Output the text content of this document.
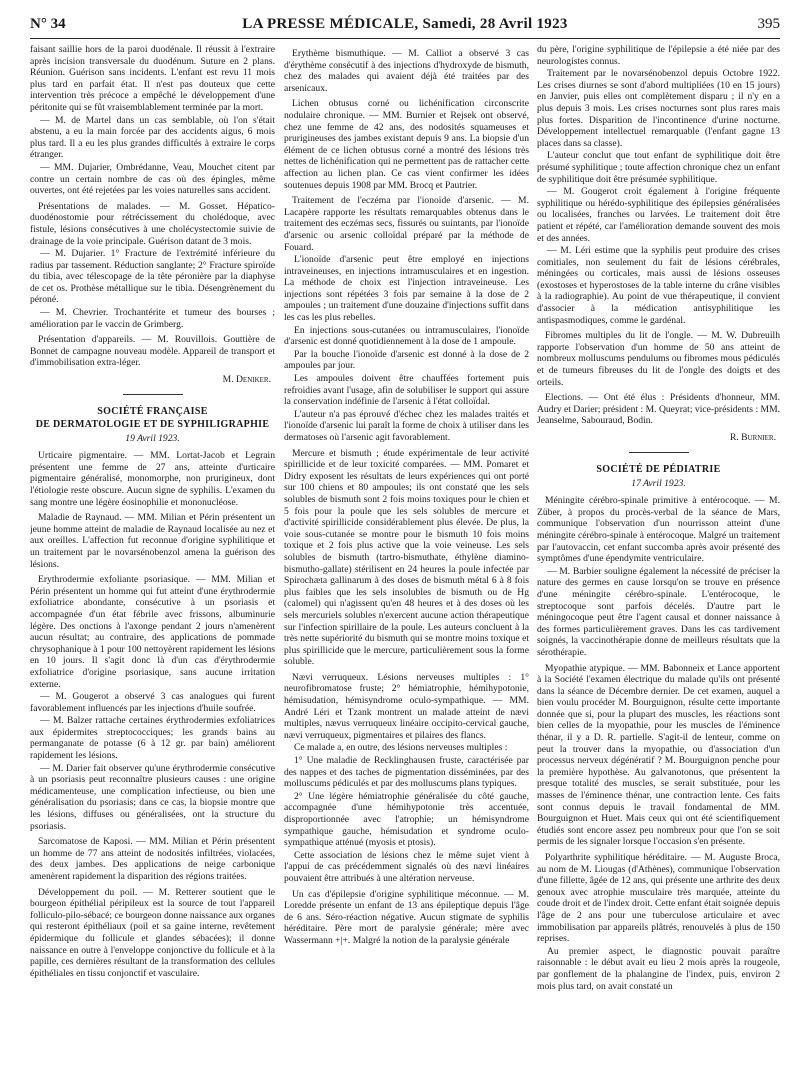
N° 34	LA PRESSE MÉDICALE, Samedi, 28 Avril 1923	395

faisant saillie hors de la paroi duodénale. Il réussit à l'extraire après incision transversale du duodénum. Suture en 2 plans. Réunion. Guérison sans incidents. L'enfant est revu 11 mois plus tard en parfait état. Il n'est pas douteux que cette intervention très précoce a empêché le développement d'une péritonite qui se fût vraisemblablement terminée par la mort.

— M. de Martel dans un cas semblable, où l'on s'était abstenu, a eu la main forcée par des accidents aigus, 6 mois plus tard. Il a eu les plus grandes difficultés à extraire le corps étranger.

— MM. Dujarier, Ombrédanne, Veau, Mouchet citent par contre un certain nombre de cas où des épingles, même ouvertes, ont été rejetées par les voies naturelles sans accident.

Présentations de malades. — M. Gosset. Hépatico-duodénostomie pour rétrécissement du cholédoque, avec fistule, lésions consécutives à une cholécystectomie suivie de drainage de la voie principale. Guérison datant de 3 mois.

— M. Dujarier. 1° Fracture de l'extrémité inférieure du radius par tassement. Réduction sanglante; 2° Fracture spiroïde du tibia, avec télescopage de la tête péronière par la diaphyse de cet os. Prothèse métallique sur le tibia. Désengrènement du péroné.

— M. Chevrier. Trochantérite et tumeur des bourses ; amélioration par le vaccin de Grimberg.

Présentation d'appareils. — M. Rouvillois. Gouttière de Bonnet de campagne nouveau modèle. Appareil de transport et d'immobilisation extra-léger.

M. Deniker.

SOCIÉTÉ FRANÇAISE
DE DERMATOLOGIE ET DE SYPHILIGRAPHIE

19 Avril 1923.

Urticaire pigmentaire. — MM. Lortat-Jacob et Legrain présentent une femme de 27 ans, atteinte d'urticaire pigmentaire généralisé, monomorphe, non prurigineux, dont l'étiologie reste obscure. Aucun signe de syphilis. L'examen du sang montre une légère éosinophilie et mononucléose.

Maladie de Raynaud. — MM. Milian et Périn présentent un jeune homme atteint de maladie de Raynaud localisée au nez et aux oreilles. L'affection fut reconnue d'origine syphilitique et un traitement par le novarsénobenzol amena la guérison des lésions.

Erythrodermie exfoliante psoriasique. — MM. Milian et Périn présentent un homme qui fut atteint d'une érythrodermie exfoliatrice abondante, consécutive à un psoriasis et accompagnée d'un état fébrile avec frissons, albuminurie légère. Des onctions à l'axonge pendant 2 jours n'amenèrent aucun résultat; au contraire, des applications de pommade chrysophanique à 1 pour 100 nettoyèrent rapidement les lésions en 10 jours. Il s'agit donc là d'un cas d'érythrodermie exfoliatrice d'origine psoriasique, sans aucune irritation externe.

— M. Gougerot a observé 3 cas analogues qui furent favorablement influencés par les injections d'huile soufrée.

— M. Balzer rattache certaines érythrodermies exfoliatrices aux épidermites streptococciques; les grands bains au permanganate de potasse (6 à 12 gr. par bain) améliorent rapidement les lésions.

— M. Darier fait observer qu'une érythrodermie consécutive à un psoriasis peut reconnaître plusieurs causes : une origine médicamenteuse, une complication infectieuse, ou bien une généralisation du psoriasis; dans ce cas, la biopsie montre que les lésions, diffuses ou généralisées, ont la structure du psoriasis.

Sarcomatose de Kaposi. — MM. Milian et Périn présentent un homme de 77 ans atteint de nodosités infiltrées, violacées, des deux jambes. Des applications de neige carbonique amenèrent rapidement la disparition des régions traitées.

Développement du poil. — M. Retterer soutient que le bourgeon épithélial péripileux est la source de tout l'appareil folliculo-pilo-sébacé; ce bourgeon donne naissance aux organes qui resteront épithéliaux (poil et sa gaine interne, revêtement épidermique du follicule et glandes sébacées); il donne naissance en outre à l'enveloppe conjonctive du follicule et à la papille, ces dernières résultant de la transformation des cellules épithéliales en tissu conjonctif et vasculaire.

Erythème bismuthique. — M. Calliot a observé 3 cas d'érythème consécutif à des injections d'hydroxyde de bismuth, chez des malades qui avaient déjà été traitées par des arsenicaux.

Lichen obtusus corné ou lichénification circonscrite nodulaire chronique. — MM. Burnier et Rejsek ont observé, chez une femme de 42 ans, des nodosités squameuses et prurigineuses des jambes existant depuis 9 ans. La biopsie d'un élément de ce lichen obtusus corné a montré des lésions très nettes de lichénification qui ne permettent pas de rattacher cette affection au lichen plan. Ce cas vient confirmer les idées soutenues depuis 1908 par MM. Brocq et Pautrier.

Traitement de l'eczéma par l'ionoïde d'arsenic. — M. Lacapère rapporte les résultats remarquables obtenus dans le traitement des eczémas secs, fissurés ou suintants, par l'ionoïde d'arsenic ou arsenic colloïdal préparé par la méthode de Fouard.

L'ionoïde d'arsenic peut être employé en injections intraveineuses, en injections intramusculaires et en ingestion. La méthode de choix est l'injection intraveineuse. Les injections sont répétées 3 fois par semaine à la dose de 2 ampoules ; un traitement d'une douzaine d'injections suffit dans les cas les plus rebelles.

En injections sous-cutanées ou intramusculaires, l'ionoïde d'arsenic est donné quotidiennement à la dose de 1 ampoule.

Par la bouche l'ionoïde d'arsenic est donné à la dose de 2 ampoules par jour.

Les ampoules doivent être chauffées fortement puis refroidies avant l'usage, afin de solubiliser le support qui assure la conservation indéfinie de l'arsenic à l'état colloïdal.

L'auteur n'a pas éprouvé d'échec chez les malades traités et l'ionoïde d'arsenic lui paraît la forme de choix à utiliser dans les dermatoses où l'arsenic agit favorablement.

Mercure et bismuth ; étude expérimentale de leur activité spirillicide et de leur toxicité comparées. — MM. Pomaret et Didry exposent les résultats de leurs expériences qui ont porté sur 100 chiens et 80 ampoules; ils ont constaté que les sels solubles de bismuth sont 2 fois moins toxiques pour le chien et 5 fois pour la poule que les sels solubles de mercure et d'activité spirillicide considérablement plus élevée. De plus, la voie sous-cutanée se montre pour le bismuth 10 fois moins toxique et 2 fois plus active que la voie veineuse. Les sels solubles de bismuth (tartro-bismuthate, éthylène diamino-bismutho-gallate) stérilisent en 24 heures la poule infectée par Spirochæta gallinarum à des doses de bismuth métal 6 à 8 fois plus faibles que les sels insolubles de bismuth ou de Hg (calomel) qui n'agissent qu'en 48 heures et à des doses où les sels mercuriels solubles n'exercent aucune action thérapeutique sur l'infection spirillaire de la poule. Les auteurs concluent à la très nette supériorité du bismuth qui se montre moins toxique et plus spirillicide que le mercure, particulièrement sous la forme soluble.

Nævi verruqueux. Lésions nerveuses multiples : 1° neurofibromatose fruste; 2° hémiatrophie, hémihypotonie, hémisudation, hémisyndrome oculo-sympathique. — MM. André Léri et Tzank montrent un malade atteint de nævi multiples, nævus verruqueux linéaire occipito-cervical gauche, nævi verruqueux, pigmentaires et pilaires des flancs.

Ce malade a, en outre, des lésions nerveuses multiples :

1° Une maladie de Recklinghausen fruste, caractérisée par des nappes et des taches de pigmentation disséminées, par des molluscums pédiculés et par des molluscums plans typiques.

2° Une légère hémiatrophie généralisée du côté gauche, accompagnée d'une hémihypotonie très accentuée, disproportionnée avec l'atrophie; un hémisyndrome sympathique gauche, hémisudation et syndrome oculo-sympathique atténué (myosis et ptosis).

Cette association de lésions chez le même sujet vient à l'appui de cas précédemment signalés où des nævi linéaires pouvaient être attribués à une altération nerveuse.

Un cas d'épilepsie d'origine syphilitique méconnue. — M. Loredde présente un enfant de 13 ans épileptique depuis l'âge de 6 ans. Séro-réaction négative. Aucun stigmate de syphilis héréditaire. Père mort de paralysie générale; mère avec Wassermann +|+. Malgré la notion de la paralysie générale

du père, l'origine syphilitique de l'épilepsie a été niée par des neurologistes connus.

Traitement par le novarsénobenzol depuis Octobre 1922. Les crises diurnes se sont d'abord multipliées (10 en 15 jours) en Janvier, puis elles ont complètement disparu ; il n'y en a plus depuis 3 mois. Les crises nocturnes sont plus rares mais plus fortes. Disparition de l'incontinence d'urine nocturne. Développement intellectuel remarquable (l'enfant gagne 13 places dans sa classe).

L'auteur conclut que tout enfant de syphilitique doit être présumé syphilitique ; toute affection chronique chez un enfant de syphilitique doit être présumée syphilitique.

— M. Gougerot croit également à l'origine fréquente syphilitique ou hérédo-syphilitique des épilepsies généralisées ou localisées, franches ou larvées. Le traitement doit être patient et répété, car l'amélioration demande souvent des mois et des années.

— M. Léri estime que la syphilis peut produire des crises comitiales, non seulement du fait de lésions cérébrales, méningées ou corticales, mais aussi de lésions osseuses (exostoses et hyperostoses de la table interne du crâne visibles à la radiographie). Au point de vue thérapeutique, il convient d'associer à la médication antisyphilitique les antispasmodiques, comme le gardénal.

Fibromes multiples du lit de l'ongle. — M. W. Dubreuilh rapporte l'observation d'un homme de 50 ans atteint de nombreux molluscums pendulums ou fibromes mous pédiculés et de tumeurs fibreuses du lit de l'ongle des doigts et des orteils.

Elections. — Ont été élus : Présidents d'honneur, MM. Audry et Darier; président : M. Queyrat; vice-présidents : MM. Jeanselme, Sabouraud, Bodin.

R. Burnier.

SOCIÉTÉ DE PÉDIATRIE

17 Avril 1923.

Méningite cérébro-spinale primitive à entérocoque. — M. Züber, à propos du procès-verbal de la séance de Mars, communique l'observation d'un nourrisson atteint d'une méningite cérébro-spinale à entérocoque. Malgré un traitement par l'autovaccin, cet enfant succomba après avoir présenté des symptômes d'une épendymite ventriculaire.

— M. Barbier souligne également la nécessité de préciser la nature des germes en cause lorsqu'on se trouve en présence d'une méningite cérébro-spinale. L'entérocoque, le streptocoque sont parfois décelés. D'autre part le méningocoque peut être l'agent causal et donner naissance à des formes particulièrement graves. Dans les cas tardivement soignés, la vaccinothérapie donne de meilleurs résultats que la sérothérapie.

Myopathie atypique. — MM. Babonneix et Lance apportent à la Société l'examen électrique du malade qu'ils ont présenté dans la séance de Décembre dernier. De cet examen, auquel a bien voulu procéder M. Bourguignon, résulte cette importante donnée que si, pour la plupart des muscles, les réactions sont bien celles de la myopathie, pour les muscles de l'éminence thénar, il y a D. R. partielle. S'agit-il de lenteur, comme on peut la trouver dans la myopathie, ou d'association d'un processus nerveux dégénératif ? M. Bourguignon penche pour la première hypothèse. Au galvanotonus, que présentent la presque totalité des muscles, se serait substituée, pour les masses de l'éminence thénar, une contraction lente. Ces faits sont connus depuis le travail fondamental de MM. Bourguignon et Huet. Mais ceux qui ont été scientifiquement étudiés sont encore assez peu nombreux pour que l'on se soit permis de les signaler lorsque l'occasion s'en présente.

Polyarthrite syphilitique héréditaire. — M. Auguste Broca, au nom de M. Liougas (d'Athènes), communique l'observation d'une fillette, âgée de 12 ans, qui présente une arthrite des deux genoux avec atrophie musculaire très marquée, atteinte du coude droit et de l'index droit. Cette enfant était soignée depuis l'âge de 2 ans pour une tuberculose articulaire et avec immobilisation par appareils plâtrés, renouvelés à plus de 150 reprises.

Au premier aspect, le diagnostic pouvait paraître raisonnable : le début avait eu lieu 2 mois après la rougeole, par gonflement de la phalangine de l'index, puis, environ 2 mois plus tard, on avait constaté un
